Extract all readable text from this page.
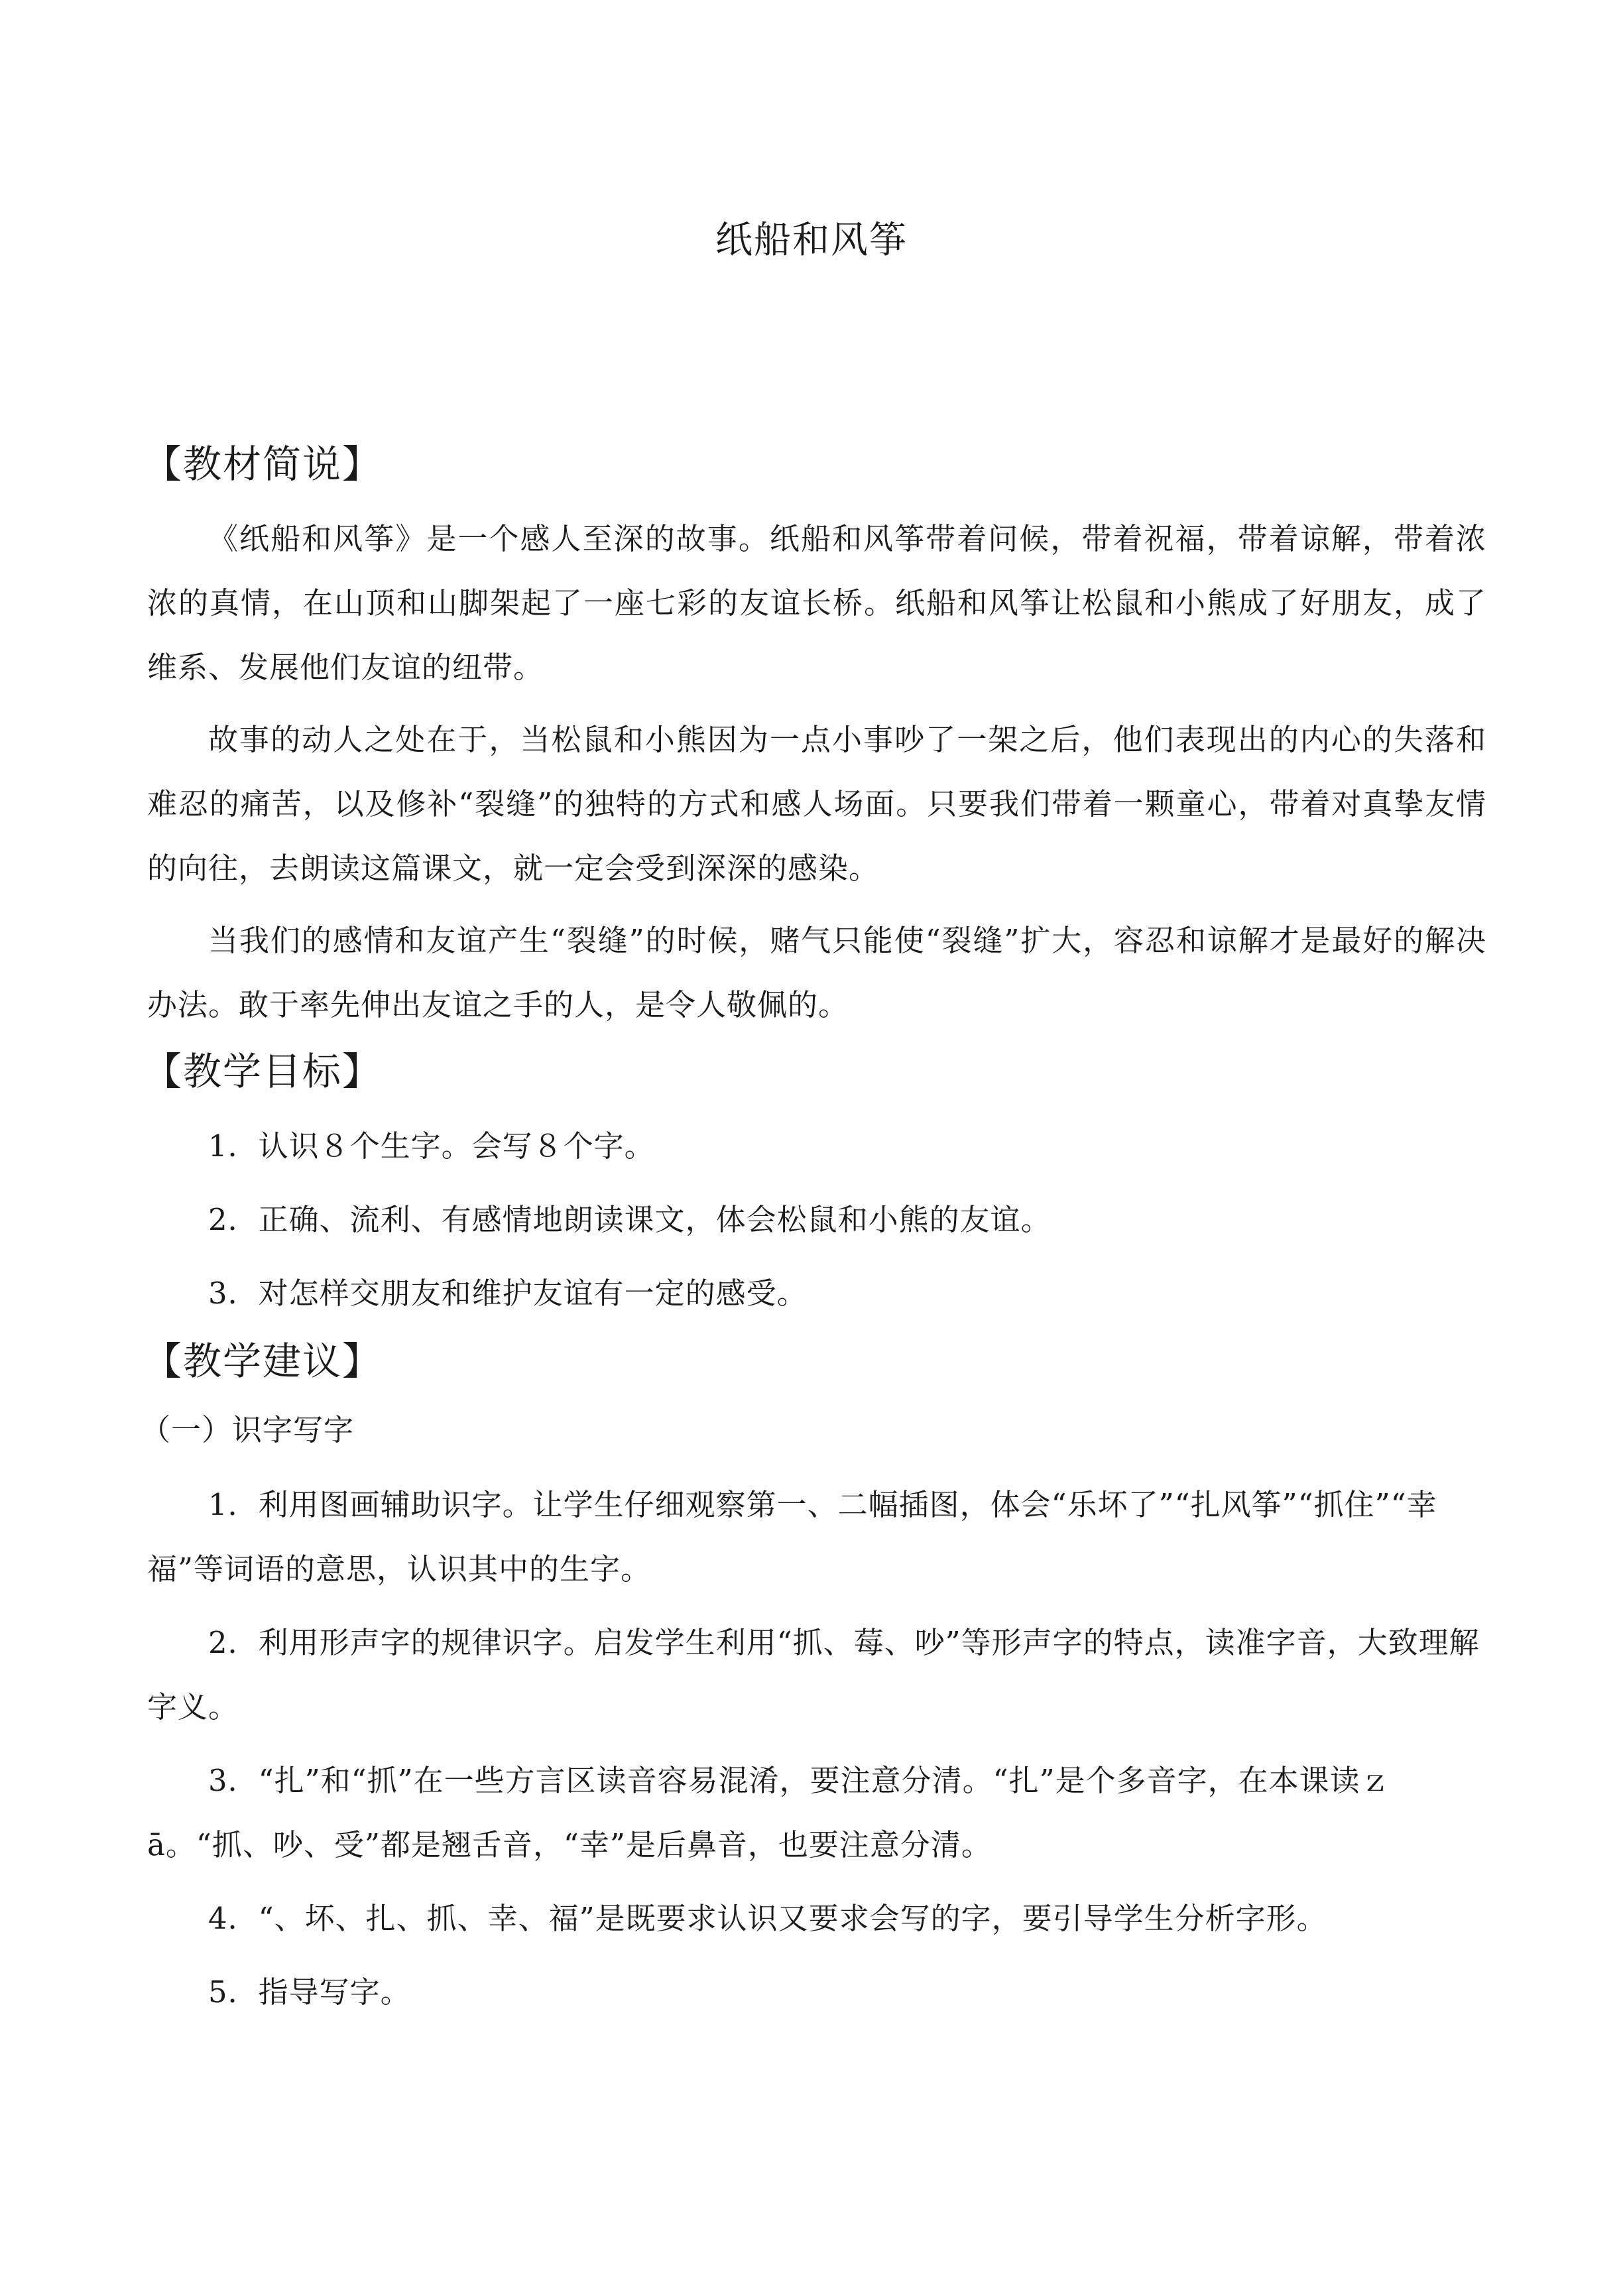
纸船和风筝
【教材简说】

《纸船和风筝》是一个感人至深的故事。纸船和风筝带着问候，带着祝福，带着谅解，带着浓浓的真情，在山顶和山脚架起了一座七彩的友谊长桥。纸船和风筝让松鼠和小熊成了好朋友，成了维系、发展他们友谊的纽带。

故事的动人之处在于，当松鼠和小熊因为一点小事吵了一架之后，他们表现出的内心的失落和难忍的痛苦，以及修补“裂缝”的独特的方式和感人场面。只要我们带着一颗童心，带着对真挚友情的向往，去朗读这篇课文，就一定会受到深深的感染。

当我们的感情和友谊产生“裂缝”的时候，赌气只能使“裂缝”扩大，容忍和谅解才是最好的解决办法。敢于率先伸出友谊之手的人，是令人敬佩的。

【教学目标】

1．认识８个生字。会写８个字。

2．正确、流利、有感情地朗读课文，体会松鼠和小熊的友谊。

3．对怎样交朋友和维护友谊有一定的感受。

【教学建议】

（一）识字写字

1．利用图画辅助识字。让学生仔细观察第一、二幅插图，体会“乐坏了”“扎风筝”“抓住”“幸福”等词语的意思，认识其中的生字。

2．利用形声字的规律识字。启发学生利用“抓、莓、吵”等形声字的特点，读准字音，大致理解字义。

3．“扎”和“抓”在一些方言区读音容易混淆，要注意分清。“扎”是个多音字，在本课读ｚā。“抓、吵、受”都是翘舌音，“幸”是后鼻音，也要注意分清。

4．“、坏、扎、抓、幸、福”是既要求认识又要求会写的字，要引导学生分析字形。

5．指导写字。
